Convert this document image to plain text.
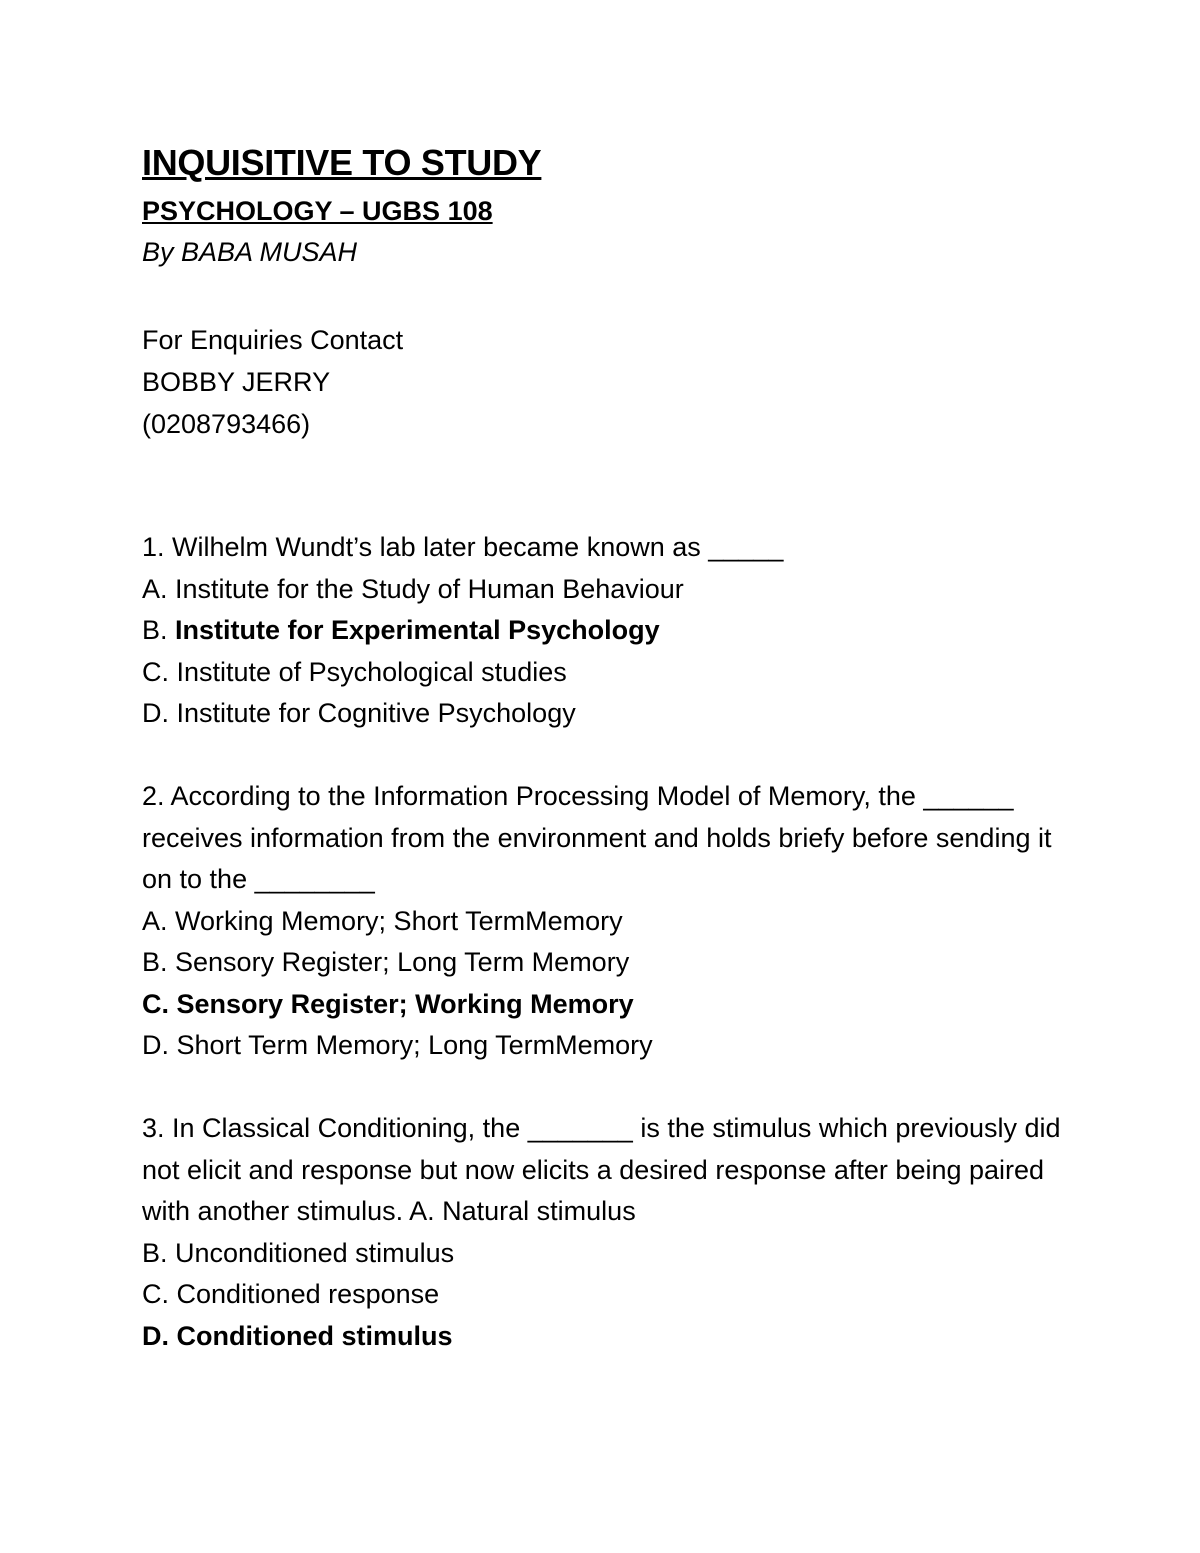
INQUISITIVE TO STUDY
PSYCHOLOGY – UGBS 108
By BABA MUSAH
For Enquiries Contact
BOBBY JERRY
(0208793466)

1. Wilhelm Wundt’s lab later became known as _____

A. Institute for the Study of Human Behaviour
B. Institute for Experimental Psychology
C. Institute of Psychological studies
D. Institute for Cognitive Psychology

2. According to the Information Processing Model of Memory, the ______ receives information from the environment and holds briefy before sending it on to the ________

A. Working Memory; Short TermMemory
B. Sensory Register; Long Term Memory
C. Sensory Register; Working Memory
D. Short Term Memory; Long TermMemory

3. In Classical Conditioning, the _______ is the stimulus which previously did not elicit and response but now elicits a desired response after being paired with another stimulus. A. Natural stimulus

B. Unconditioned stimulus
C. Conditioned response
D. Conditioned stimulus
